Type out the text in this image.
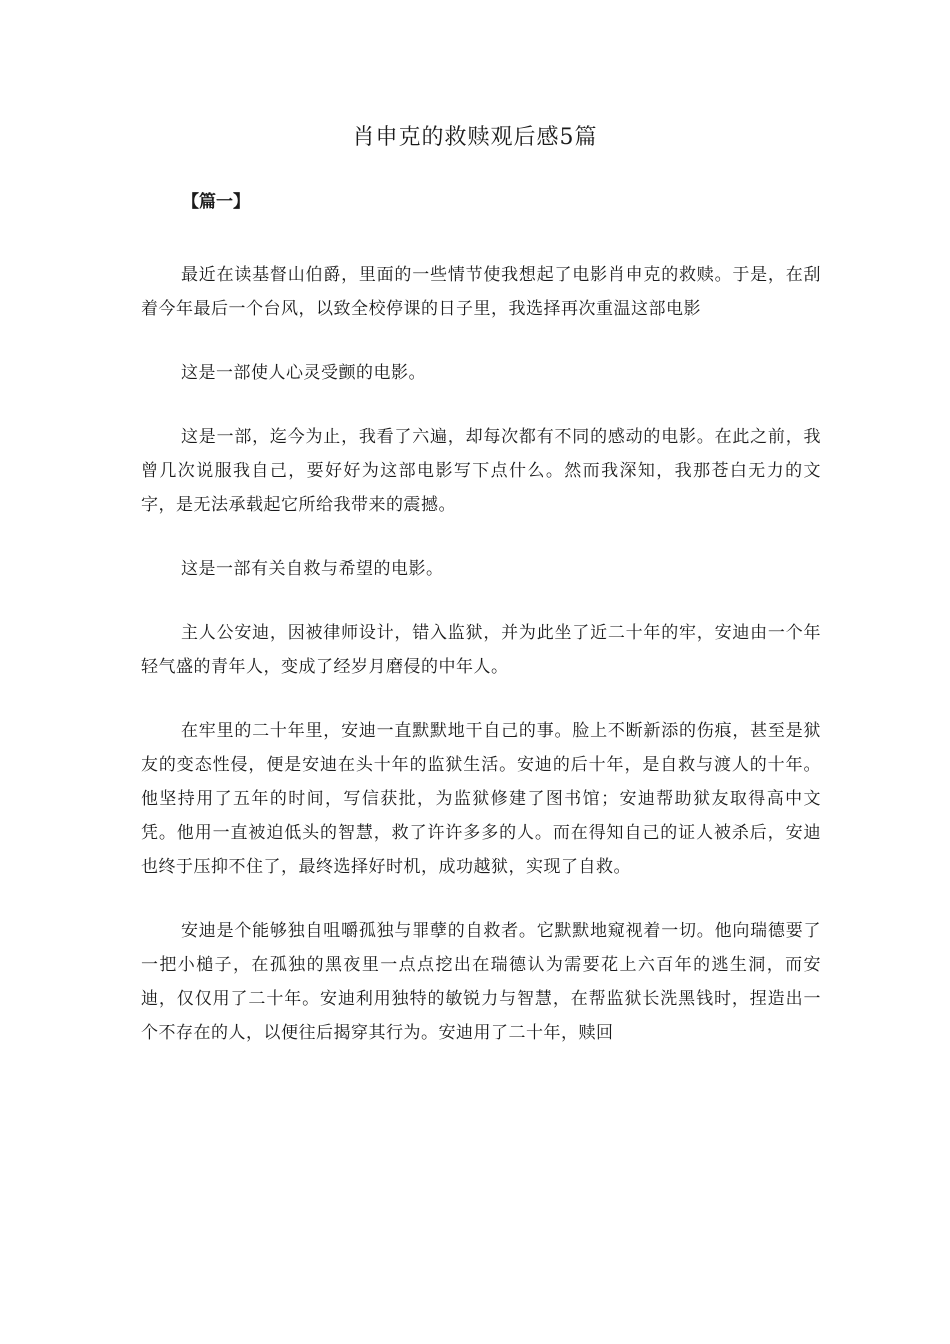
肖申克的救赎观后感5篇
【篇一】

最近在读基督山伯爵，里面的一些情节使我想起了电影肖申克的救赎。于是，在刮着今年最后一个台风，以致全校停课的日子里，我选择再次重温这部电影

这是一部使人心灵受颤的电影。

这是一部，迄今为止，我看了六遍，却每次都有不同的感动的电影。在此之前，我曾几次说服我自己，要好好为这部电影写下点什么。然而我深知，我那苍白无力的文字，是无法承载起它所给我带来的震撼。

这是一部有关自救与希望的电影。

主人公安迪，因被律师设计，错入监狱，并为此坐了近二十年的牢，安迪由一个年轻气盛的青年人，变成了经岁月磨侵的中年人。

在牢里的二十年里，安迪一直默默地干自己的事。脸上不断新添的伤痕，甚至是狱友的变态性侵，便是安迪在头十年的监狱生活。安迪的后十年，是自救与渡人的十年。他坚持用了五年的时间，写信获批，为监狱修建了图书馆；安迪帮助狱友取得高中文凭。他用一直被迫低头的智慧，救了许许多多的人。而在得知自己的证人被杀后，安迪也终于压抑不住了，最终选择好时机，成功越狱，实现了自救。

安迪是个能够独自咀嚼孤独与罪孽的自救者。它默默地窥视着一切。他向瑞德要了一把小槌子，在孤独的黑夜里一点点挖出在瑞德认为需要花上六百年的逃生洞，而安迪，仅仅用了二十年。安迪利用独特的敏锐力与智慧，在帮监狱长洗黑钱时，捏造出一个不存在的人，以便往后揭穿其行为。安迪用了二十年，赎回
